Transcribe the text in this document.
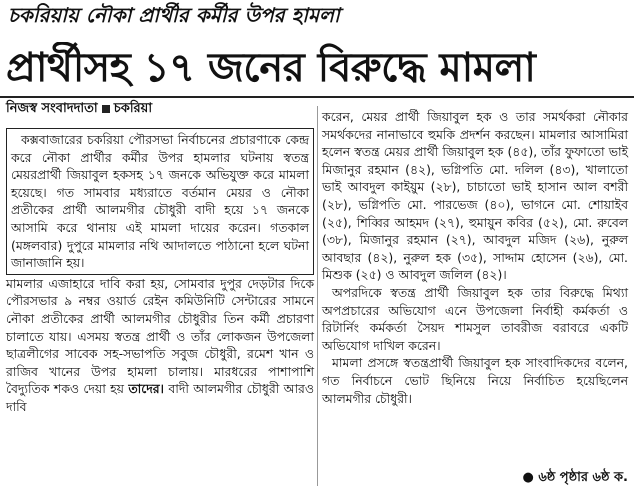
চকরিয়ায় নৌকা প্রার্থীর কর্মীর উপর হামলা
প্রার্থীসহ ১৭ জনের বিরুদ্ধে মামলা
নিজস্ব সংবাদদাতা চকরিয়া

কক্সবাজারের চকরিয়া পৌরসভা নির্বাচনের প্রচারণাকে কেন্দ্র করে নৌকা প্রার্থীর কর্মীর উপর হামলার ঘটনায় স্বতন্ত্র মেয়রপ্রার্থী জিয়াবুল হকসহ ১৭ জনকে অভিযুক্ত করে মামলা হয়েছে। গত সামবার মধ্যরাতে বর্তমান মেয়র ও নৌকা প্রতীকের প্রার্থী আলমগীর চৌধুরী বাদী হয়ে ১৭ জনকে আসামি করে থানায় এই মামলা দায়ের করেন। গতকাল (মঙ্গলবার) দুপুরে মামলার নথি আদালতে পাঠানো হলে ঘটনা জানাজানি হয়।

মামলার এজাহারে দাবি করা হয়, সোমবার দুপুর দেড়টার দিকে পৌরসভার ৯ নম্বর ওয়ার্ড রেইন কমিউনিটি সেন্টারের সামনে নৌকা প্রতীকের প্রার্থী আলমগীর চৌধুরীর তিন কর্মী প্রচারণা চালাতে যায়। এসময় স্বতন্ত্র প্রার্থী ও তাঁর লোকজন উপজেলা ছাত্রলীগের সাবেক সহ-সভাপতি সবুজ চৌধুরী, রমেশ খান ও রাজিব খানের উপর হামলা চালায়। মারধরের পাশাপাশি বৈদ্যুতিক শকও দেয়া হয় তাদের। বাদী আলমগীর চৌধুরী আরও দাবি

করেন, মেয়র প্রার্থী জিয়াবুল হক ও তার সমর্থকরা নৌকার সমর্থকদের নানাভাবে হুমকি প্রদর্শন করছেন। মামলার আসামিরা হলেন স্বতন্ত্র মেয়র প্রার্থী জিয়াবুল হক (৪৫), তাঁর ফুফাতো ভাই মিজানুর রহমান (৪২), ভগ্নিপতি মো. দলিল (৪৩), খালাতো ভাই আবদুল কাইয়ুম (২৮), চাচাতো ভাই হাসান আল বশরী (২৮), ভগ্নিপতি মো. পারভেজ (৪০), ভাগনে মো. শোয়াইব (২৫), শিব্বির আহমদ (২৭), হুমায়ুন কবির (৫২), মো. রুবেল (৩৮), মিজানুর রহমান (২৭), আবদুল মজিদ (২৬), নুরুল আবছার (৪২), নুরুল হক (৩৫), সাদ্দাম হোসেন (২৬), মো. মিশুক (২৫) ও আবদুল জলিল (৪২)।

অপরদিকে স্বতন্ত্র প্রার্থী জিয়াবুল হক তার বিরুদ্ধে মিথ্যা অপপ্রচারের অভিযোগ এনে উপজেলা নির্বাহী কর্মকর্তা ও রিটার্নিং কর্মকর্তা সৈয়দ শামসুল তাবরীজ বরাবরে একটি অভিযোগ দাখিল করেন।

মামলা প্রসঙ্গে স্বতন্ত্রপ্রার্থী জিয়াবুল হক সাংবাদিকদের বলেন, গত নির্বাচনে ভোট ছিনিয়ে নিয়ে নির্বাচিত হয়েছিলেন আলমগীর চৌধুরী।

● ৬ষ্ঠ পৃষ্ঠার ৬ষ্ঠ ক.
